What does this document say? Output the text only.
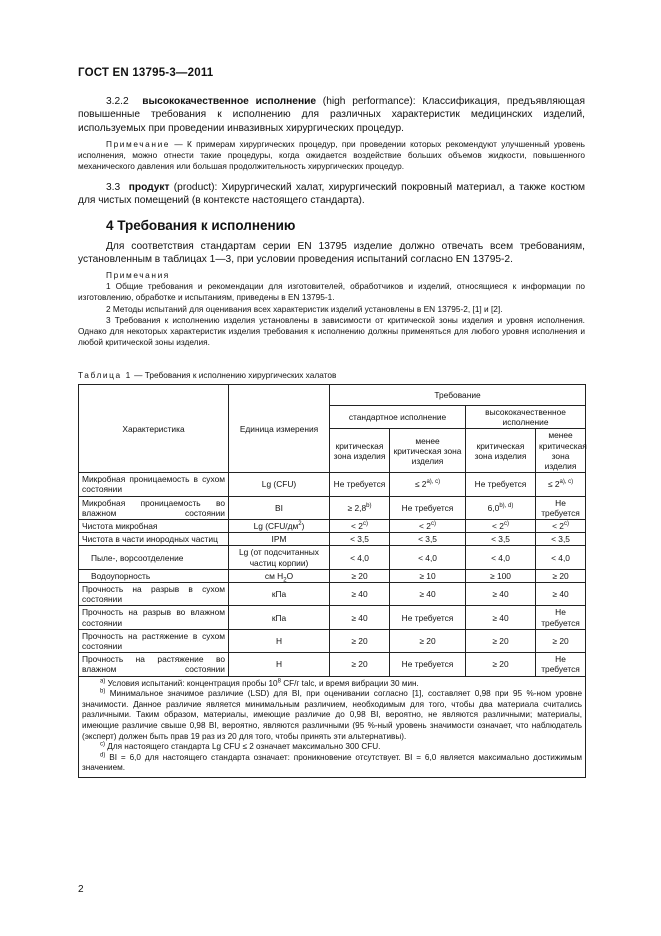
ГОСТ EN 13795-3—2011
3.2.2 высококачественное исполнение (high performance): Классификация, предъявляющая повышенные требования к исполнению для различных характеристик медицинских изделий, используемых при проведении инвазивных хирургических процедур.
Примечание — К примерам хирургических процедур, при проведении которых рекомендуют улучшенный уровень исполнения, можно отнести такие процедуры, когда ожидается воздействие больших объемов жидкости, повышенного механического давления или большая продолжительность хирургических процедур.
3.3 продукт (product): Хирургический халат, хирургический покровный материал, а также костюм для чистых помещений (в контексте настоящего стандарта).
4 Требования к исполнению
Для соответствия стандартам серии EN 13795 изделие должно отвечать всем требованиям, установленным в таблицах 1—3, при условии проведения испытаний согласно EN 13795-2.
Примечания
1 Общие требования и рекомендации для изготовителей, обработчиков и изделий, относящиеся к информации по изготовлению, обработке и испытаниям, приведены в EN 13795-1.
2 Методы испытаний для оценивания всех характеристик изделий установлены в EN 13795-2, [1] и [2].
3 Требования к исполнению изделия установлены в зависимости от критической зоны изделия и уровня исполнения. Однако для некоторых характеристик изделия требования к исполнению должны применяться для любого уровня исполнения и любой критической зоны изделия.
Таблица 1 — Требования к исполнению хирургических халатов
Характеристика	Единица измерения	Требование			
		стандартное исполнение		высококачественное исполнение	
		критическая зона изделия	менее критическая зона изделия	критическая зона изделия	менее критическая зона изделия
Микробная проницаемость в сухом состоянии	Lg (CFU)	Не требуется	≤ $2^{a), c)}$	Не требуется	≤ $2^{a), c)}$
Микробная проницаемость во влажном состоянии	BI	≥ $2,8^{b)}$	Не требуется	$6,0^{b), d)}$	Не требуется
Чистота микробная	Lg $(CFU/дм^2)$	< $2^{c)}$	< $2^{c)}$	< $2^{c)}$	< $2^{c)}$
Чистота в части инородных частиц	IPM	< 3,5	< 3,5	< 3,5	< 3,5
Пыле-, ворсоотделение	Lg (от подсчитанных частиц корпии)	< 4,0	< 4,0	< 4,0	< 4,0
Водоупорность	см $H_2O$	≥ 20	≥ 10	≥ 100	≥ 20
Прочность на разрыв в сухом состоянии	кПа	≥ 40	≥ 40	≥ 40	≥ 40
Прочность на разрыв во влажном состоянии	кПа	≥ 40	Не требуется	≥ 40	Не требуется
Прочность на растяжение в сухом состоянии	Н	≥ 20	≥ 20	≥ 20	≥ 20
Прочность на растяжение во влажном состоянии	Н	≥ 20	Не требуется	≥ 20	Не требуется

$^{a)}$ Условия испытаний: концентрация пробы $10^8$ CF/г talc, и время вибрации 30 мин.

$^{b)}$ Минимальное значимое различие (LSD) для BI, при оценивании согласно [1], составляет 0,98 при 95 %-ном уровне значимости. Данное различие является минимальным различием, необходимым для того, чтобы два материала считались различными. Таким образом, материалы, имеющие различие до 0,98 BI, вероятно, не являются различными; материалы, имеющие различие свыше 0,98 BI, вероятно, являются различными (95 %-ный уровень значимости означает, что наблюдатель (эксперт) должен быть прав 19 раз из 20 для того, чтобы принять эти альтернативы).

$^{c)}$ Для настоящего стандарта Lg CFU ≤ 2 означает максимально 300 CFU.

$^{d)}$ BI = 6,0 для настоящего стандарта означает: проникновение отсутствует. BI = 6,0 является максимально достижимым значением.					

2
